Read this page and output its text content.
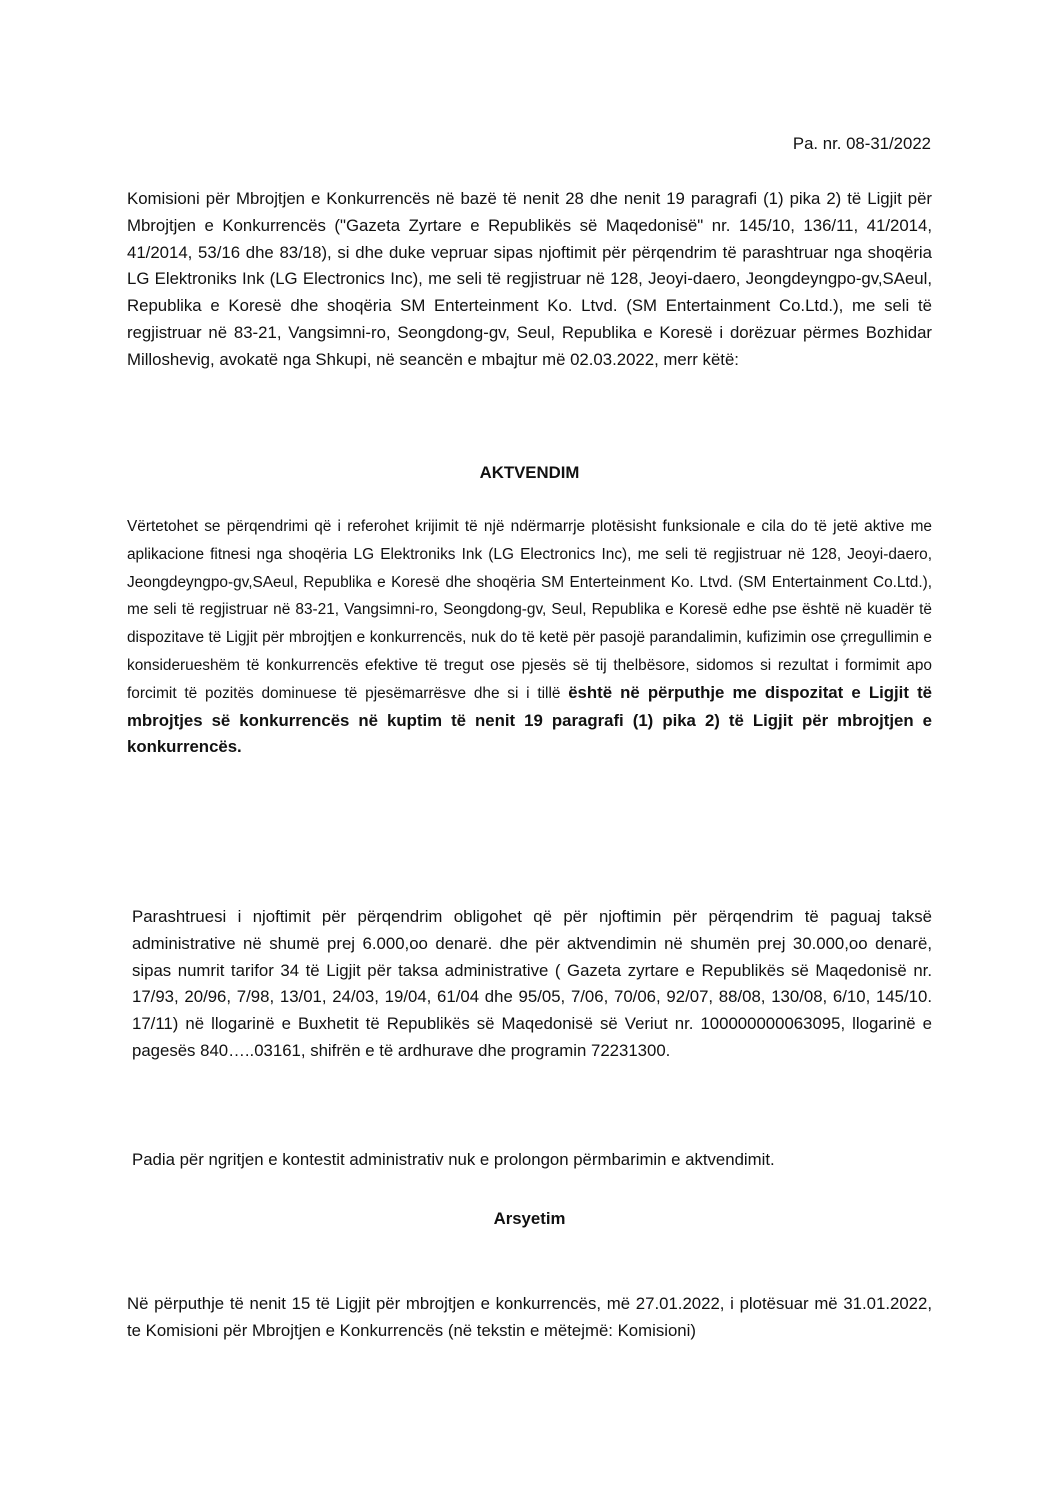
Pa. nr. 08-31/2022

Komisioni për Mbrojtjen e Konkurrencës në bazë të nenit 28 dhe nenit 19 paragrafi (1) pika 2) të Ligjit për Mbrojtjen e Konkurrencës ("Gazeta Zyrtare e Republikës së Maqedonisë" nr. 145/10, 136/11, 41/2014, 41/2014, 53/16 dhe 83/18), si dhe duke vepruar sipas njoftimit për përqendrim të parashtruar nga shoqëria LG Elektroniks Ink (LG Electronics Inc), me seli të regjistruar në 128, Jeoyi-daero, Jeongdeyngpo-gv,SAeul, Republika e Koresë dhe shoqëria SM Enterteinment Ko. Ltvd. (SM Entertainment Co.Ltd.), me seli të regjistruar në 83-21, Vangsimni-ro, Seongdong-gv, Seul, Republika e Koresë i dorëzuar përmes Bozhidar Milloshevig, avokatë nga Shkupi, në seancën e mbajtur më 02.03.2022, merr këtë:

AKTVENDIM

Vërtetohet se përqendrimi që i referohet krijimit të një ndërmarrje plotësisht funksionale e cila do të jetë aktive me aplikacione fitnesi nga shoqëria LG Elektroniks Ink (LG Electronics Inc), me seli të regjistruar në 128, Jeoyi-daero, Jeongdeyngpo-gv,SAeul, Republika e Koresë dhe shoqëria SM Enterteinment Ko. Ltvd. (SM Entertainment Co.Ltd.), me seli të regjistruar në 83-21, Vangsimni-ro, Seongdong-gv, Seul, Republika e Koresë edhe pse është në kuadër të dispozitave të Ligjit për mbrojtjen e konkurrencës, nuk do të ketë për pasojë parandalimin, kufizimin ose çrregullimin e konsiderueshëm të konkurrencës efektive të tregut ose pjesës së tij thelbësore, sidomos si rezultat i formimit apo forcimit të pozitës dominuese të pjesëmarrësve dhe si i tillë është në përputhje me dispozitat e Ligjit të mbrojtjes së konkurrencës në kuptim të nenit 19 paragrafi (1) pika 2) të Ligjit për mbrojtjen e konkurrencës.

Parashtruesi i njoftimit për përqendrim obligohet që për njoftimin për përqendrim të paguaj taksë administrative në shumë prej 6.000,oo denarë. dhe për aktvendimin në shumën prej 30.000,oo denarë, sipas numrit tarifor 34 të Ligjit për taksa administrative ( Gazeta zyrtare e Republikës së Maqedonisë nr. 17/93, 20/96, 7/98, 13/01, 24/03, 19/04, 61/04 dhe 95/05, 7/06, 70/06, 92/07, 88/08, 130/08, 6/10, 145/10. 17/11) në llogarinë e Buxhetit të Republikës së Maqedonisë së Veriut nr. 100000000063095, llogarinë e pagesës 840…..03161, shifrën e të ardhurave dhe programin 72231300.

Padia për ngritjen e kontestit administrativ nuk e prolongon përmbarimin e aktvendimit.

Arsyetim

Në përputhje të nenit 15 të Ligjit për mbrojtjen e konkurrencës, më 27.01.2022, i plotësuar më 31.01.2022, te Komisioni për Mbrojtjen e Konkurrencës (në tekstin e mëtejmë: Komisioni)
